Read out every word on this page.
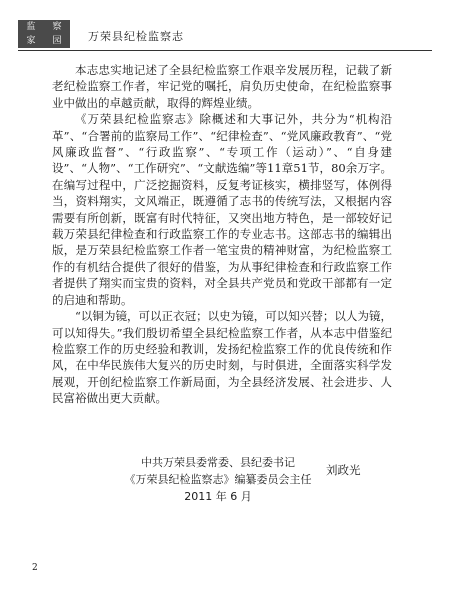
监	察
家	园	万荣县纪检监察志

本志忠实地记述了全县纪检监察工作艰辛发展历程，记载了新老纪检监察工作者，牢记党的嘱托，肩负历史使命，在纪检监察事业中做出的卓越贡献，取得的辉煌业绩。

《万荣县纪检监察志》除概述和大事记外，共分为“机构沿革”、“合署前的监察局工作”、“纪律检查”、“党风廉政教育”、“党风廉政监督”、“行政监察”、“专项工作（运动）”、“自身建设”、“人物”、“工作研究”、“文献选编”等11章51节，80余万字。在编写过程中，广泛挖掘资料，反复考证核实，横排竖写，体例得当，资料翔实，文风端正，既遵循了志书的传统写法，又根据内容需要有所创新，既富有时代特征，又突出地方特色，是一部较好记载万荣县纪律检查和行政监察工作的专业志书。这部志书的编辑出版，是万荣县纪检监察工作者一笔宝贵的精神财富，为纪检监察工作的有机结合提供了很好的借鉴，为从事纪律检查和行政监察工作者提供了翔实而宝贵的资料，对全县共产党员和党政干部都有一定的启迪和帮助。

“以铜为镜，可以正衣冠；以史为镜，可以知兴替；以人为镜，可以知得失。”我们殷切希望全县纪检监察工作者，从本志中借鉴纪检监察工作的历史经验和教训，发扬纪检监察工作的优良传统和作风，在中华民族伟大复兴的历史时刻，与时俱进，全面落实科学发展观，开创纪检监察工作新局面，为全县经济发展、社会进步、人民富裕做出更大贡献。

中共万荣县委常委、县纪委书记
《万荣县纪检监察志》编纂委员会主任
2011 年 6 月
刘政光
2
